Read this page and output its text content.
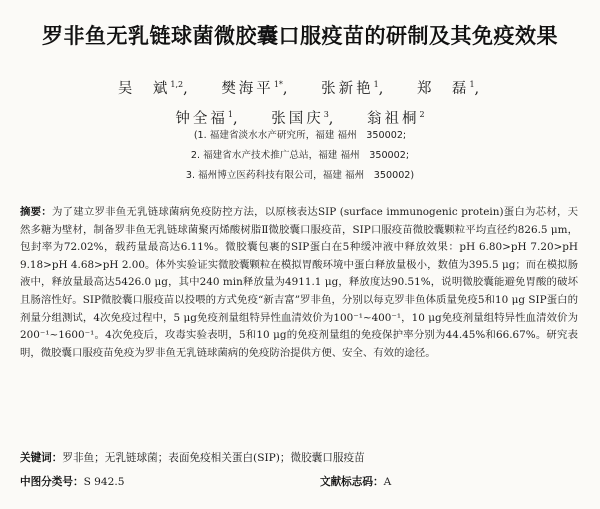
罗非鱼无乳链球菌微胶囊口服疫苗的研制及其免疫效果
吴　斌$^{1,2}$, 樊海平$^{1*}$, 张新艳$^1$, 郑　磊$^1$,
钟全福$^1$, 张国庆$^3$, 翁祖桐$^2$
(1. 福建省淡水水产研究所，福建 福州　350002;
2. 福建省水产技术推广总站，福建 福州　350002;
3. 福州博立医药科技有限公司，福建 福州　350002)
摘要：为了建立罗非鱼无乳链球菌病免疫防控方法，以原核表达SIP (surface immunogenic protein)蛋白为芯材，天然多糖为壁材，制备罗非鱼无乳链球菌聚丙烯酸树脂Ⅱ微胶囊口服疫苗，SIP口服疫苗微胶囊颗粒平均直径约826.5 μm，包封率为72.02%，载药量最高达6.11%。微胶囊包裹的SIP蛋白在5种缓冲液中释放效果：pH 6.80>pH 7.20>pH 9.18>pH 4.68>pH 2.00。体外实验证实微胶囊颗粒在模拟胃酸环境中蛋白释放量极小，数值为395.5 μg；而在模拟肠液中，释放量最高达5426.0 μg，其中240 min释放量为4911.1 μg，释放度达90.51%，说明微胶囊能避免胃酸的破坏且肠溶性好。SIP微胶囊口服疫苗以投喂的方式免疫“新吉富”罗非鱼，分别以每克罗非鱼体质量免疫5和10 μg SIP蛋白的剂量分组测试，4次免疫过程中，5 μg免疫剂量组特异性血清效价为100⁻¹~400⁻¹，10 μg免疫剂量组特异性血清效价为200⁻¹~1600⁻¹。4次免疫后，攻毒实验表明，5和10 μg的免疫剂量组的免疫保护率分别为44.45%和66.67%。研究表明，微胶囊口服疫苗免疫为罗非鱼无乳链球菌病的免疫防治提供方便、安全、有效的途径。
关键词：罗非鱼；无乳链球菌；表面免疫相关蛋白(SIP)；微胶囊口服疫苗
中图分类号：S 942.5	文献标志码：A
